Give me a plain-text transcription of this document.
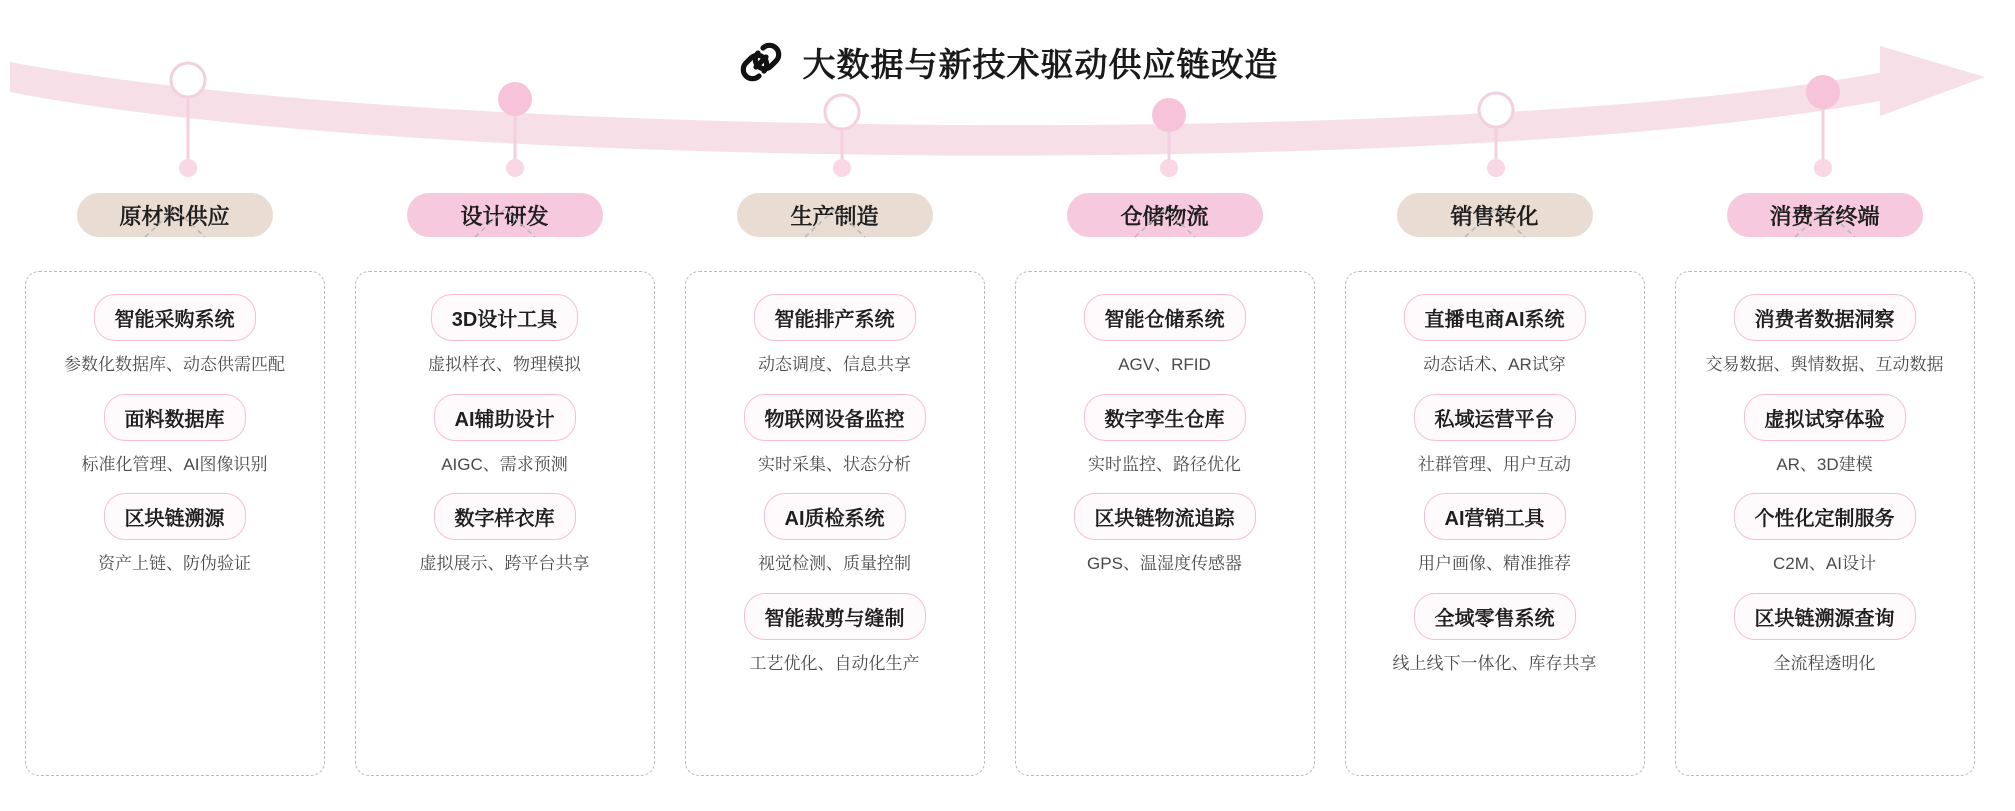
大数据与新技术驱动供应链改造
原材料供应
智能采购系统
参数化数据库、动态供需匹配
面料数据库
标准化管理、AI图像识别
区块链溯源
资产上链、防伪验证
设计研发
3D设计工具
虚拟样衣、物理模拟
AI辅助设计
AIGC、需求预测
数字样衣库
虚拟展示、跨平台共享
生产制造
智能排产系统
动态调度、信息共享
物联网设备监控
实时采集、状态分析
AI质检系统
视觉检测、质量控制
智能裁剪与缝制
工艺优化、自动化生产
仓储物流
智能仓储系统
AGV、RFID
数字孪生仓库
实时监控、路径优化
区块链物流追踪
GPS、温湿度传感器
销售转化
直播电商AI系统
动态话术、AR试穿
私域运营平台
社群管理、用户互动
AI营销工具
用户画像、精准推荐
全域零售系统
线上线下一体化、库存共享
消费者终端
消费者数据洞察
交易数据、舆情数据、互动数据
虚拟试穿体验
AR、3D建模
个性化定制服务
C2M、AI设计
区块链溯源查询
全流程透明化
